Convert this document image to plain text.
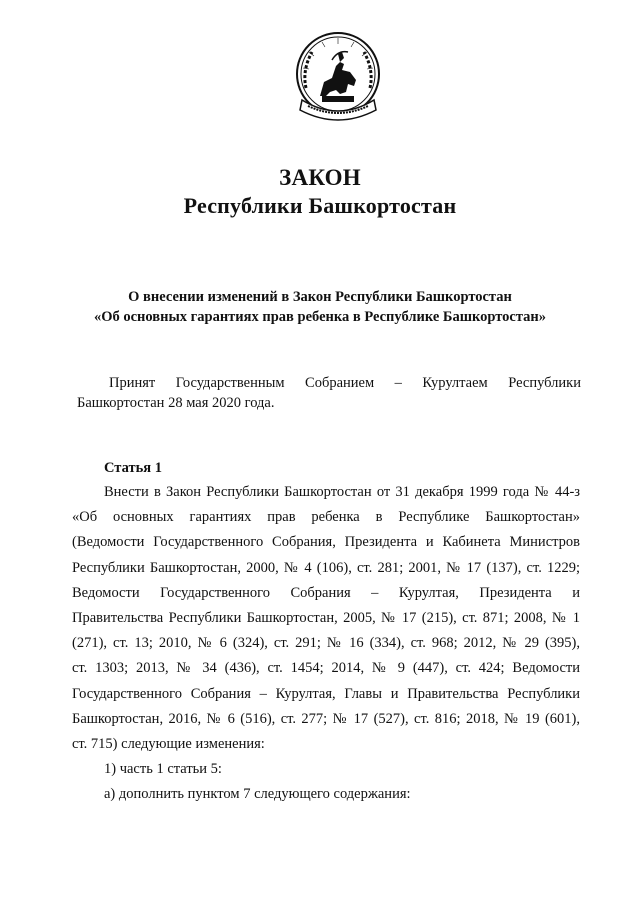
ЗАКОН
Республики Башкортостан
О внесении изменений в Закон Республики Башкортостан
«Об основных гарантиях прав ребенка в Республике Башкортостан»
Принят Государственным Собранием – Курултаем Республики
Башкортостан 28 мая 2020 года.
Статья 1
Внести в Закон Республики Башкортостан от 31 декабря 1999 года № 44-з
«Об основных гарантиях прав ребенка в Республике Башкортостан»
(Ведомости Государственного Собрания, Президента и Кабинета Министров
Республики Башкортостан, 2000, № 4 (106), ст. 281; 2001, № 17 (137), ст. 1229;
Ведомости Государственного Собрания – Курултая, Президента и
Правительства Республики Башкортостан, 2005, № 17 (215), ст. 871; 2008, № 1
(271), ст. 13; 2010, № 6 (324), ст. 291; № 16 (334), ст. 968; 2012, № 29 (395),
ст. 1303; 2013, № 34 (436), ст. 1454; 2014, № 9 (447), ст. 424; Ведомости
Государственного Собрания – Курултая, Главы и Правительства Республики
Башкортостан, 2016, № 6 (516), ст. 277; № 17 (527), ст. 816; 2018, № 19 (601),
ст. 715) следующие изменения:
1) часть 1 статьи 5:
а) дополнить пунктом 7 следующего содержания:
